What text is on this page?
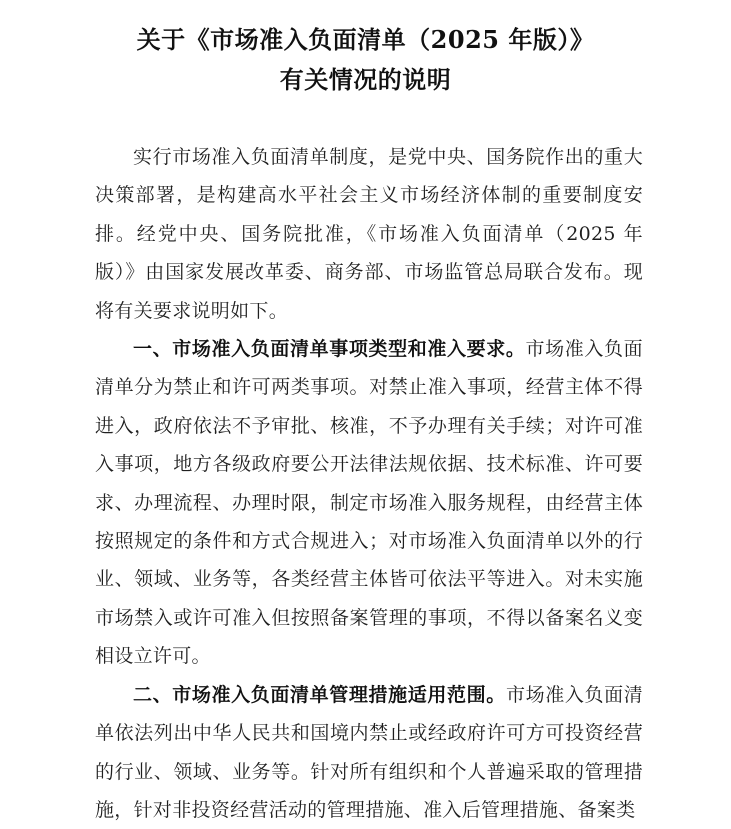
关于《市场准入负面清单（2025 年版）》
有关情况的说明

实行市场准入负面清单制度，是党中央、国务院作出的重大决策部署，是构建高水平社会主义市场经济体制的重要制度安排。经党中央、国务院批准，《市场准入负面清单（2025 年版）》由国家发展改革委、商务部、市场监管总局联合发布。现将有关要求说明如下。

一、市场准入负面清单事项类型和准入要求。市场准入负面清单分为禁止和许可两类事项。对禁止准入事项，经营主体不得进入，政府依法不予审批、核准，不予办理有关手续；对许可准入事项，地方各级政府要公开法律法规依据、技术标准、许可要求、办理流程、办理时限，制定市场准入服务规程，由经营主体按照规定的条件和方式合规进入；对市场准入负面清单以外的行业、领域、业务等，各类经营主体皆可依法平等进入。对未实施市场禁入或许可准入但按照备案管理的事项，不得以备案名义变相设立许可。

二、市场准入负面清单管理措施适用范围。市场准入负面清单依法列出中华人民共和国境内禁止或经政府许可方可投资经营的行业、领域、业务等。针对所有组织和个人普遍采取的管理措施，针对非投资经营活动的管理措施、准入后管理措施、备案类
